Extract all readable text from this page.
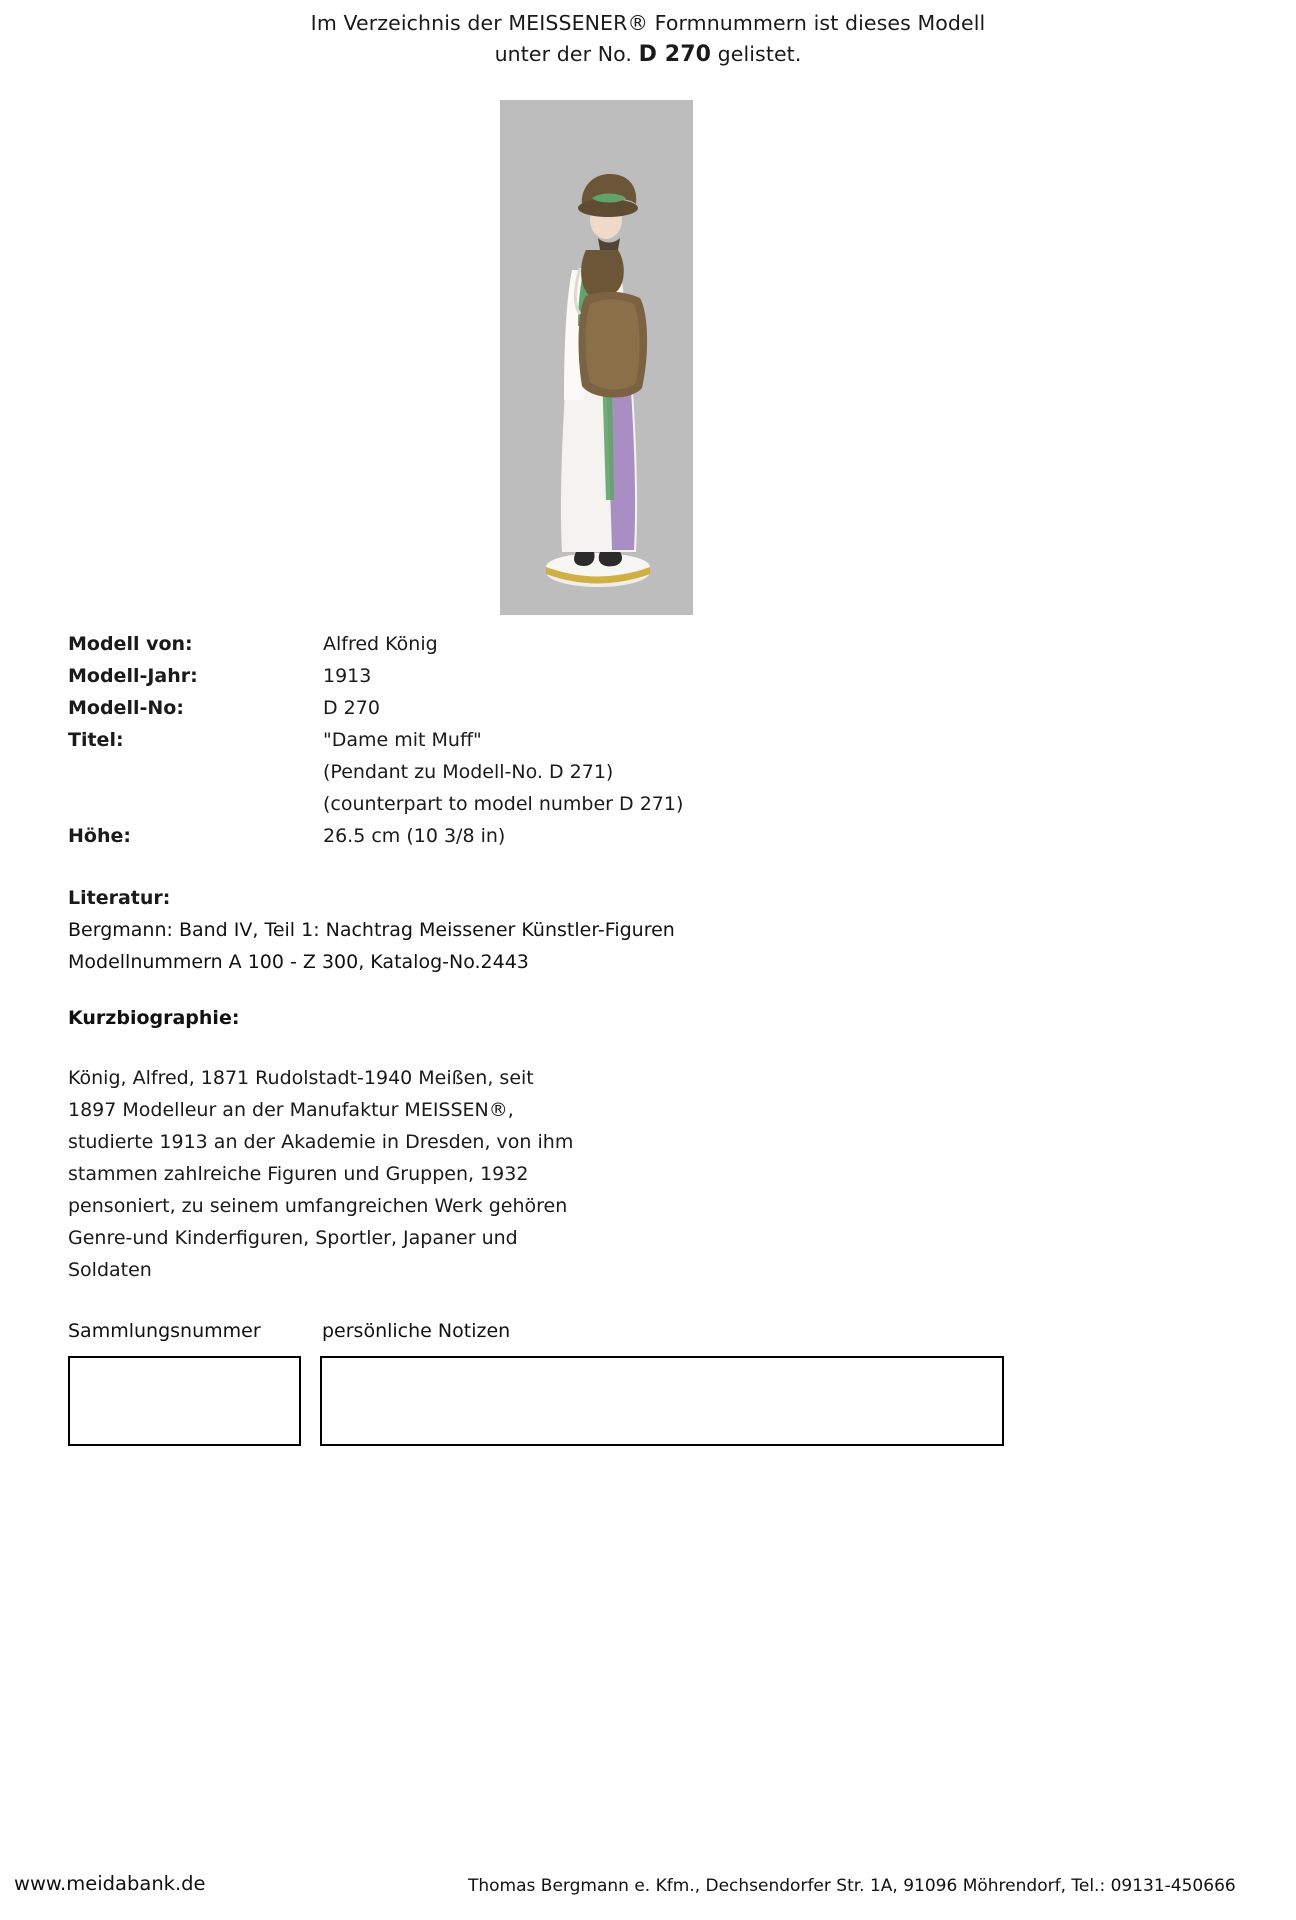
Im Verzeichnis der MEISSENER® Formnummern ist dieses Modell
unter der No. D 270 gelistet.
Modell von:	Alfred König
Modell-Jahr:	1913
Modell-No:	D 270
Titel:	"Dame mit Muff"
(Pendant zu Modell-No. D 271)
(counterpart to model number D 271)
Höhe:	26.5 cm (10 3/8 in)
Literatur:
Bergmann: Band IV, Teil 1: Nachtrag Meissener Künstler-Figuren
Modellnummern A 100 - Z 300, Katalog-No.2443
Kurzbiographie:
König, Alfred, 1871 Rudolstadt-1940 Meißen, seit
1897 Modelleur an der Manufaktur MEISSEN®,
studierte 1913 an der Akademie in Dresden, von ihm
stammen zahlreiche Figuren und Gruppen, 1932
pensoniert, zu seinem umfangreichen Werk gehören
Genre-und Kinderfiguren, Sportler, Japaner und
Soldaten
Sammlungsnummer	persönliche Notizen
www.meidabank.de	Thomas Bergmann e. Kfm., Dechsendorfer Str. 1A, 91096 Möhrendorf, Tel.: 09131-450666
